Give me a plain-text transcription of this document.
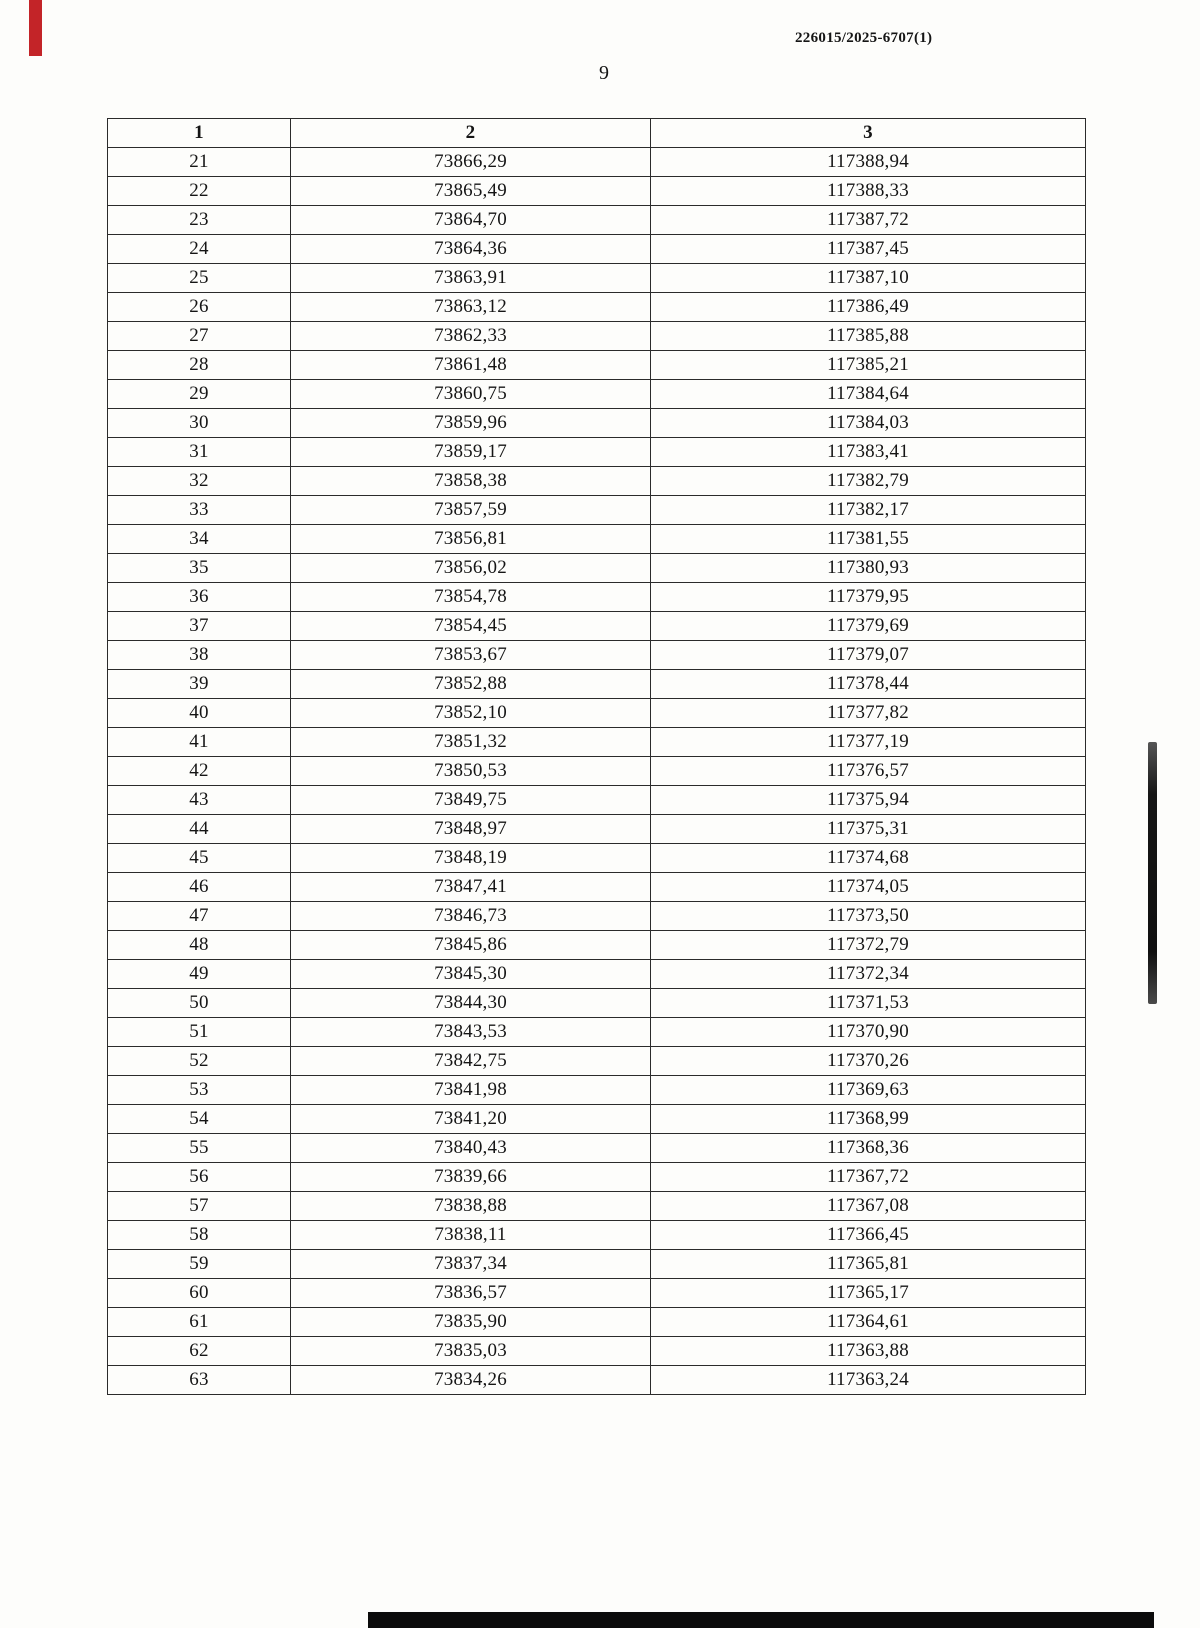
226015/2025-6707(1)
9
1	2	3
21	73866,29	117388,94
22	73865,49	117388,33
23	73864,70	117387,72
24	73864,36	117387,45
25	73863,91	117387,10
26	73863,12	117386,49
27	73862,33	117385,88
28	73861,48	117385,21
29	73860,75	117384,64
30	73859,96	117384,03
31	73859,17	117383,41
32	73858,38	117382,79
33	73857,59	117382,17
34	73856,81	117381,55
35	73856,02	117380,93
36	73854,78	117379,95
37	73854,45	117379,69
38	73853,67	117379,07
39	73852,88	117378,44
40	73852,10	117377,82
41	73851,32	117377,19
42	73850,53	117376,57
43	73849,75	117375,94
44	73848,97	117375,31
45	73848,19	117374,68
46	73847,41	117374,05
47	73846,73	117373,50
48	73845,86	117372,79
49	73845,30	117372,34
50	73844,30	117371,53
51	73843,53	117370,90
52	73842,75	117370,26
53	73841,98	117369,63
54	73841,20	117368,99
55	73840,43	117368,36
56	73839,66	117367,72
57	73838,88	117367,08
58	73838,11	117366,45
59	73837,34	117365,81
60	73836,57	117365,17
61	73835,90	117364,61
62	73835,03	117363,88
63	73834,26	117363,24
